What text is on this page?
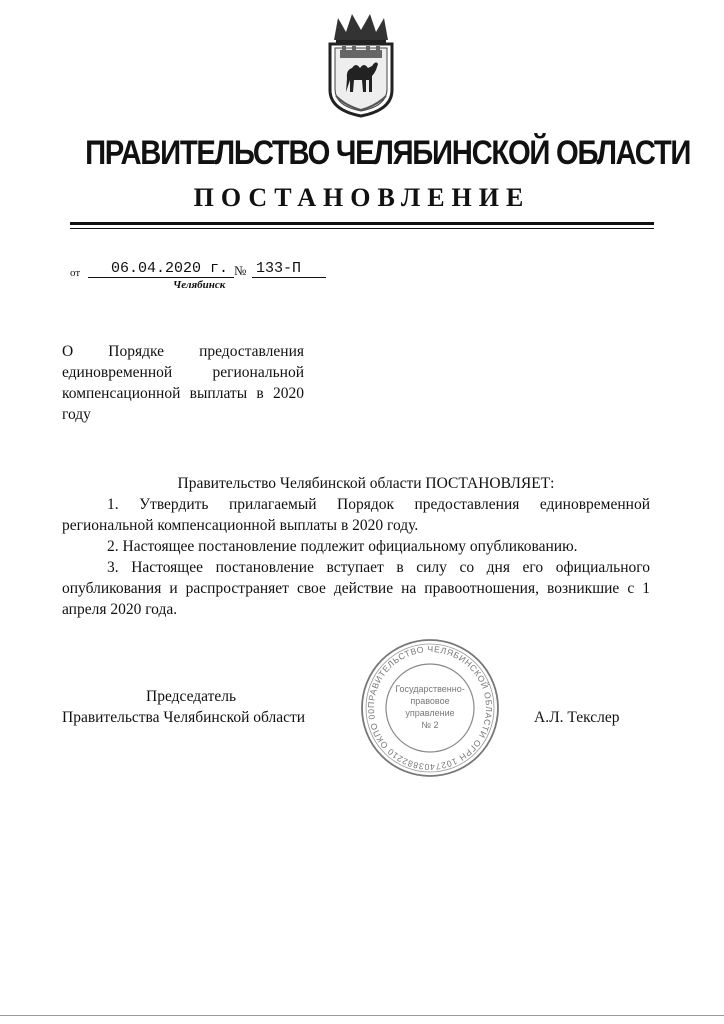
ПРАВИТЕЛЬСТВО ЧЕЛЯБИНСКОЙ ОБЛАСТИ
ПОСТАНОВЛЕНИЕ
от	06.04.2020 г. № 133-П
Челябинск
О Порядке предоставления единовременной региональной компенсационной выплаты в 2020 году
Правительство Челябинской области ПОСТАНОВЛЯЕТ:

1. Утвердить прилагаемый Порядок предоставления единовременной региональной компенсационной выплаты в 2020 году.

2. Настоящее постановление подлежит официальному опубликованию.

3. Настоящее постановление вступает в силу со дня его официального опубликования и распространяет свое действие на правоотношения, возникшие с 1 апреля 2020 года.

Председатель
Правительства Челябинской области	А.Л. Текслер
ПРАВИТЕЛЬСТВО ЧЕЛЯБИНСКОЙ ОБЛАСТИ ОГРН 1027403882210 ОКПО 00
Государственно-
правовое
управление
№ 2
